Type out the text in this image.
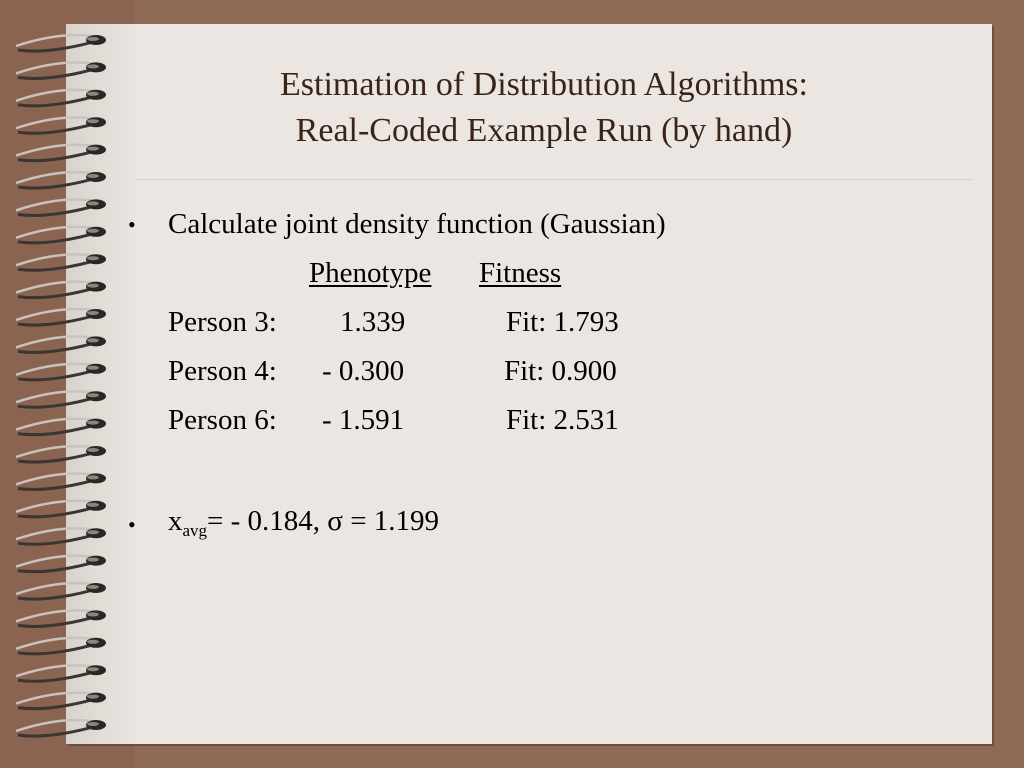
Estimation of Distribution Algorithms:
Real-Coded Example Run (by hand)
• Calculate joint density function (Gaussian)
Phenotype Fitness
Person 3: 1.339	Fit: 1.793
Person 4: - 0.300	Fit: 0.900
Person 6: - 1.591	Fit: 2.531
• $x_{avg}= - 0.184$, σ = 1.199
